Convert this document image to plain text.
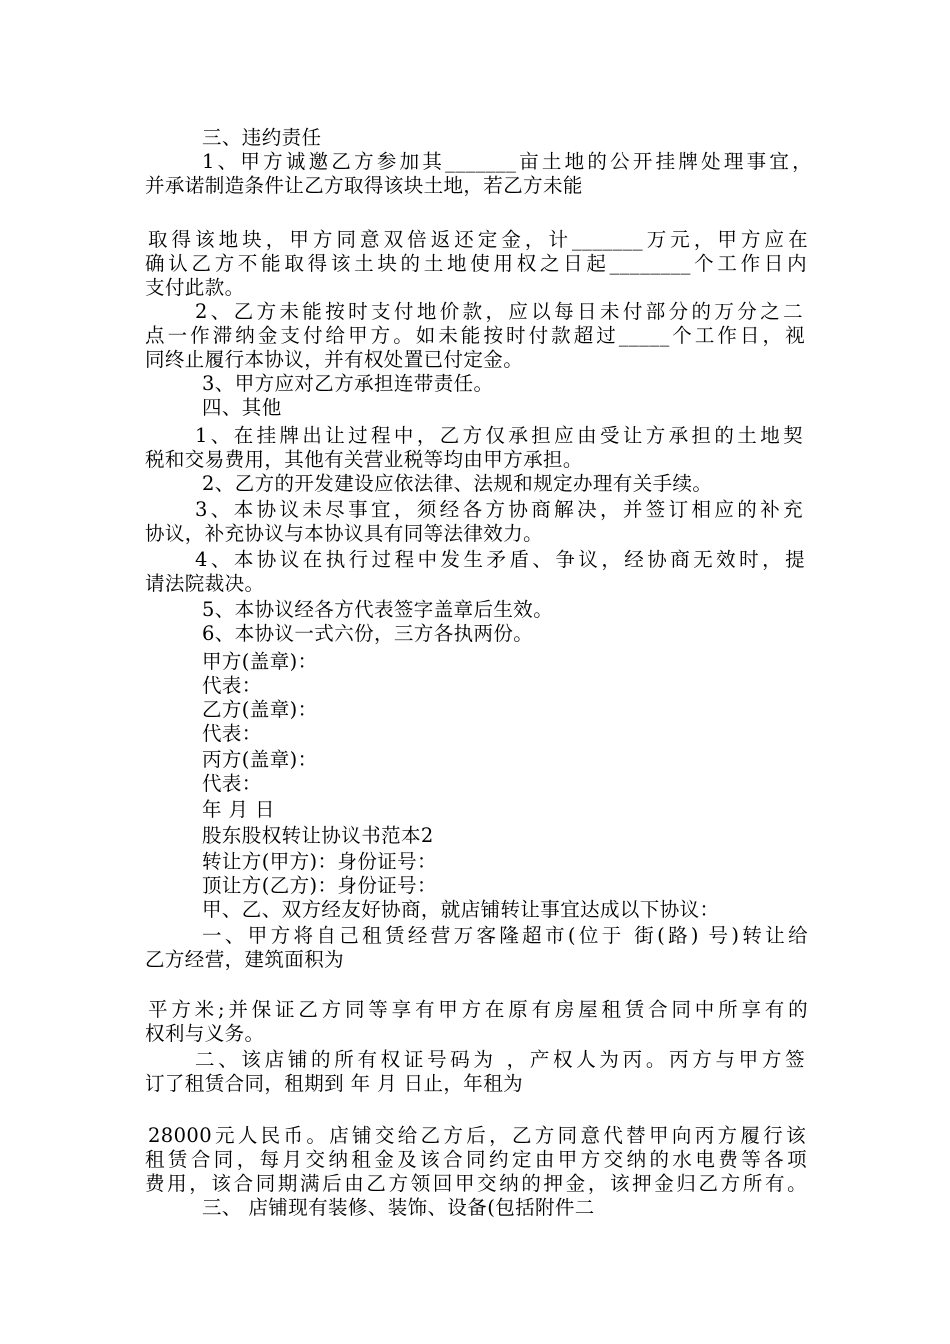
三、违约责任
1、甲方诚邀乙方参加其_______亩土地的公开挂牌处理事宜，
并承诺制造条件让乙方取得该块土地，若乙方未能
取得该地块，甲方同意双倍返还定金，计_______万元，甲方应在
确认乙方不能取得该土块的土地使用权之日起________个工作日内
支付此款。
2、乙方未能按时支付地价款，应以每日未付部分的万分之二
点一作滞纳金支付给甲方。如未能按时付款超过_____个工作日，视
同终止履行本协议，并有权处置已付定金。
3、甲方应对乙方承担连带责任。
四、其他
1、在挂牌出让过程中，乙方仅承担应由受让方承担的土地契
税和交易费用，其他有关营业税等均由甲方承担。
2、乙方的开发建设应依法律、法规和规定办理有关手续。
3、本协议未尽事宜，须经各方协商解决，并签订相应的补充
协议，补充协议与本协议具有同等法律效力。
4、本协议在执行过程中发生矛盾、争议，经协商无效时，提
请法院裁决。
5、本协议经各方代表签字盖章后生效。
6、本协议一式六份，三方各执两份。
甲方(盖章)：
代表：
乙方(盖章)：
代表：
丙方(盖章)：
代表：
年 月 日
股东股权转让协议书范本2
转让方(甲方)：身份证号：
顶让方(乙方)：身份证号：
甲、乙、双方经友好协商，就店铺转让事宜达成以下协议：
一、甲方将自己租赁经营万客隆超市(位于 街(路) 号)转让给
乙方经营，建筑面积为
平方米;并保证乙方同等享有甲方在原有房屋租赁合同中所享有的
权利与义务。
二、该店铺的所有权证号码为 ，产权人为丙。丙方与甲方签
订了租赁合同，租期到 年 月 日止，年租为
28000元人民币。店铺交给乙方后，乙方同意代替甲向丙方履行该
租赁合同，每月交纳租金及该合同约定由甲方交纳的水电费等各项
费用，该合同期满后由乙方领回甲交纳的押金，该押金归乙方所有。
三、 店铺现有装修、装饰、设备(包括附件二
